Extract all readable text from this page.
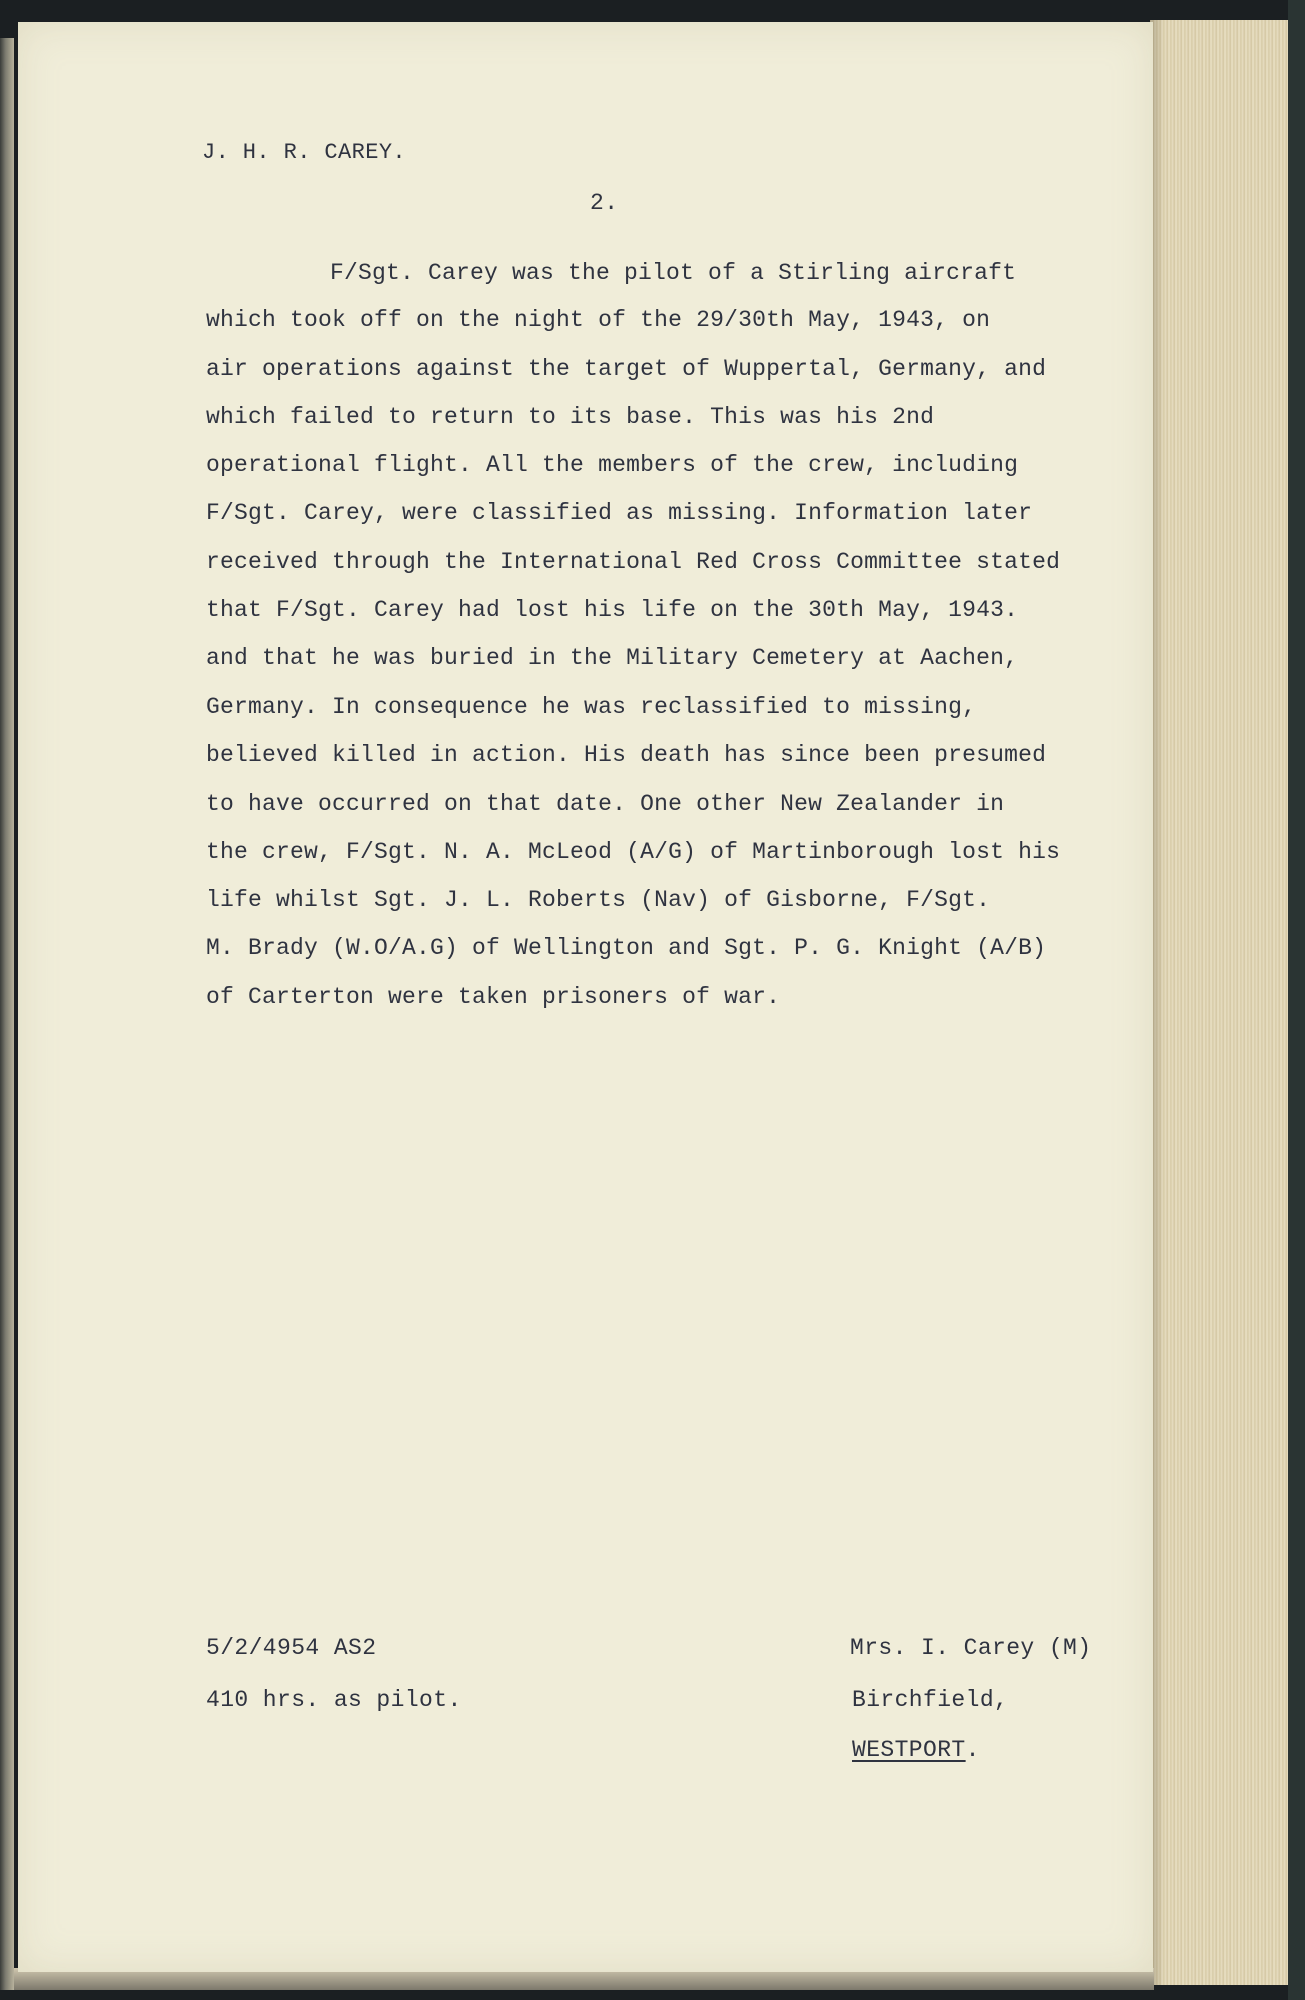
J. H. R. CAREY.
2.
F/Sgt. Carey was the pilot of a Stirling aircraft
which took off on the night of the 29/30th May, 1943, on
air operations against the target of Wuppertal, Germany, and
which failed to return to its base. This was his 2nd
operational flight. All the members of the crew, including
F/Sgt. Carey, were classified as missing. Information later
received through the International Red Cross Committee stated
that F/Sgt. Carey had lost his life on the 30th May, 1943.
and that he was buried in the Military Cemetery at Aachen,
Germany. In consequence he was reclassified to missing,
believed killed in action. His death has since been presumed
to have occurred on that date. One other New Zealander in
the crew, F/Sgt. N. A. McLeod (A/G) of Martinborough lost his
life whilst Sgt. J. L. Roberts (Nav) of Gisborne, F/Sgt.
M. Brady (W.O/A.G) of Wellington and Sgt. P. G. Knight (A/B)
of Carterton were taken prisoners of war.
5/2/4954 AS2
410 hrs. as pilot.
Mrs. I. Carey (M)
Birchfield,
WESTPORT.
